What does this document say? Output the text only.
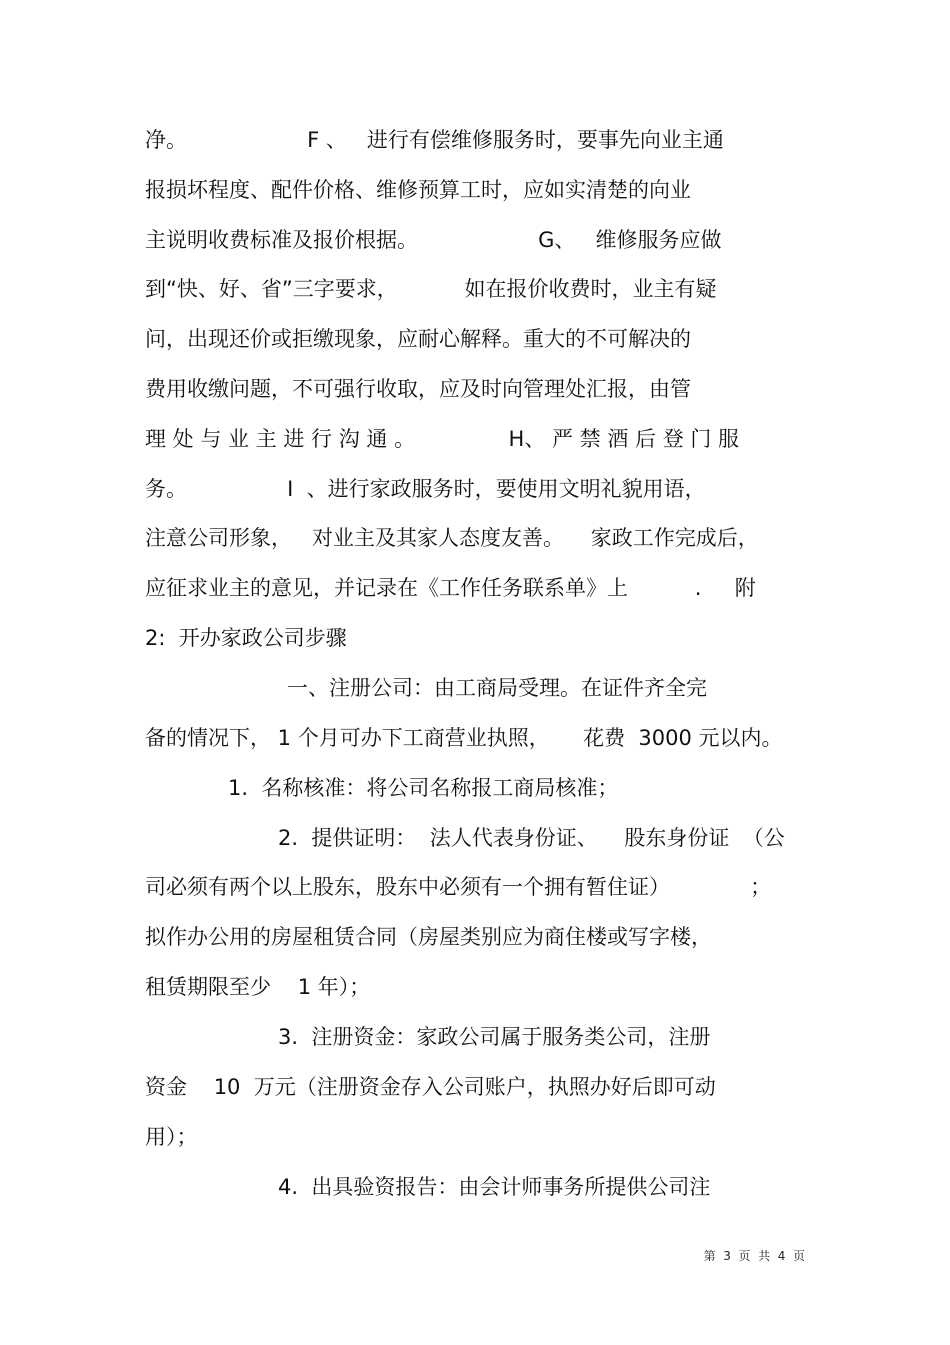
净。                  F 、   进行有偿维修服务时，要事先向业主通
报损坏程度、配件价格、维修预算工时，应如实清楚的向业
主说明收费标准及报价根据。                  G、   维修服务应做
到“快、好、省”三字要求，          如在报价收费时，业主有疑
问，出现还价或拒缴现象，应耐心解释。重大的不可解决的
费用收缴问题，不可强行收取，应及时向管理处汇报，由管
理 处 与 业 主 进 行 沟 通 。              H、 严 禁 酒 后 登 门 服
务。               I  、进行家政服务时，要使用文明礼貌用语，
注意公司形象，   对业主及其家人态度友善。    家政工作完成后，
应征求业主的意见，并记录在《工作任务联系单》上          .     附
2:  开办家政公司步骤
一、注册公司：由工商局受理。在证件齐全完
备的情况下， 1 个月可办下工商营业执照，     花费  3000 元以内。
1.  名称核准：将公司名称报工商局核准；
2.  提供证明：  法人代表身份证、    股东身份证  （公
司必须有两个以上股东，股东中必须有一个拥有暂住证）            ；
拟作办公用的房屋租赁合同（房屋类别应为商住楼或写字楼，
租赁期限至少    1 年）；
3.  注册资金：家政公司属于服务类公司，注册
资金    10  万元（注册资金存入公司账户，执照办好后即可动
用）；
4.  出具验资报告：由会计师事务所提供公司注
第  3  页  共  4  页
